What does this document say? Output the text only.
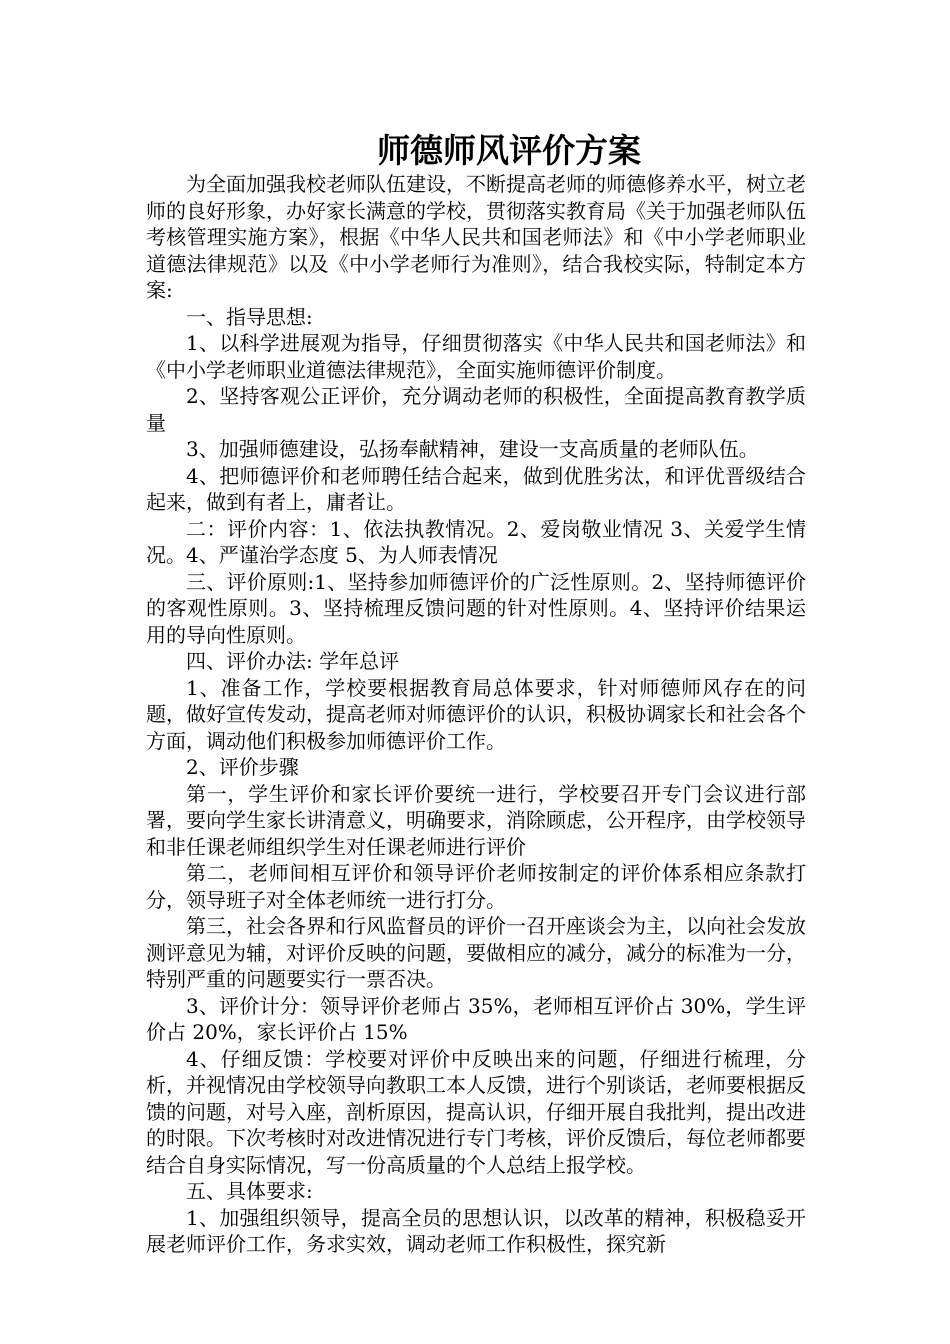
师德师风评价方案

为全面加强我校老师队伍建设，不断提高老师的师德修养水平，树立老师的良好形象，办好家长满意的学校，贯彻落实教育局《关于加强老师队伍考核管理实施方案》，根据《中华人民共和国老师法》和《中小学老师职业道德法律规范》以及《中小学老师行为准则》，结合我校实际，特制定本方案:

一、指导思想:

1、以科学进展观为指导，仔细贯彻落实《中华人民共和国老师法》和《中小学老师职业道德法律规范》，全面实施师德评价制度。

2、坚持客观公正评价，充分调动老师的积极性，全面提高教育教学质量

3、加强师德建设，弘扬奉献精神，建设一支高质量的老师队伍。

4、把师德评价和老师聘任结合起来，做到优胜劣汰，和评优晋级结合起来，做到有者上，庸者让。

二：评价内容：1、依法执教情况。2、爱岗敬业情况 3、关爱学生情况。4、严谨治学态度 5、为人师表情况

三、评价原则:1、坚持参加师德评价的广泛性原则。2、坚持师德评价的客观性原则。3、坚持梳理反馈问题的针对性原则。4、坚持评价结果运用的导向性原则。

四、评价办法: 学年总评

1、准备工作，学校要根据教育局总体要求，针对师德师风存在的问题，做好宣传发动，提高老师对师德评价的认识，积极协调家长和社会各个方面，调动他们积极参加师德评价工作。

2、评价步骤

第一，学生评价和家长评价要统一进行，学校要召开专门会议进行部署，要向学生家长讲清意义，明确要求，消除顾虑，公开程序，由学校领导和非任课老师组织学生对任课老师进行评价

第二，老师间相互评价和领导评价老师按制定的评价体系相应条款打分，领导班子对全体老师统一进行打分。

第三，社会各界和行风监督员的评价一召开座谈会为主，以向社会发放测评意见为辅，对评价反映的问题，要做相应的减分，减分的标准为一分，特别严重的问题要实行一票否决。

3、评价计分：领导评价老师占 35%，老师相互评价占 30%，学生评价占 20%，家长评价占 15%

4、仔细反馈：学校要对评价中反映出来的问题，仔细进行梳理，分析，并视情况由学校领导向教职工本人反馈，进行个别谈话，老师要根据反馈的问题，对号入座，剖析原因，提高认识，仔细开展自我批判，提出改进的时限。下次考核时对改进情况进行专门考核，评价反馈后，每位老师都要结合自身实际情况，写一份高质量的个人总结上报学校。

五、具体要求:

1、加强组织领导，提高全员的思想认识，以改革的精神，积极稳妥开展老师评价工作，务求实效，调动老师工作积极性，探究新
